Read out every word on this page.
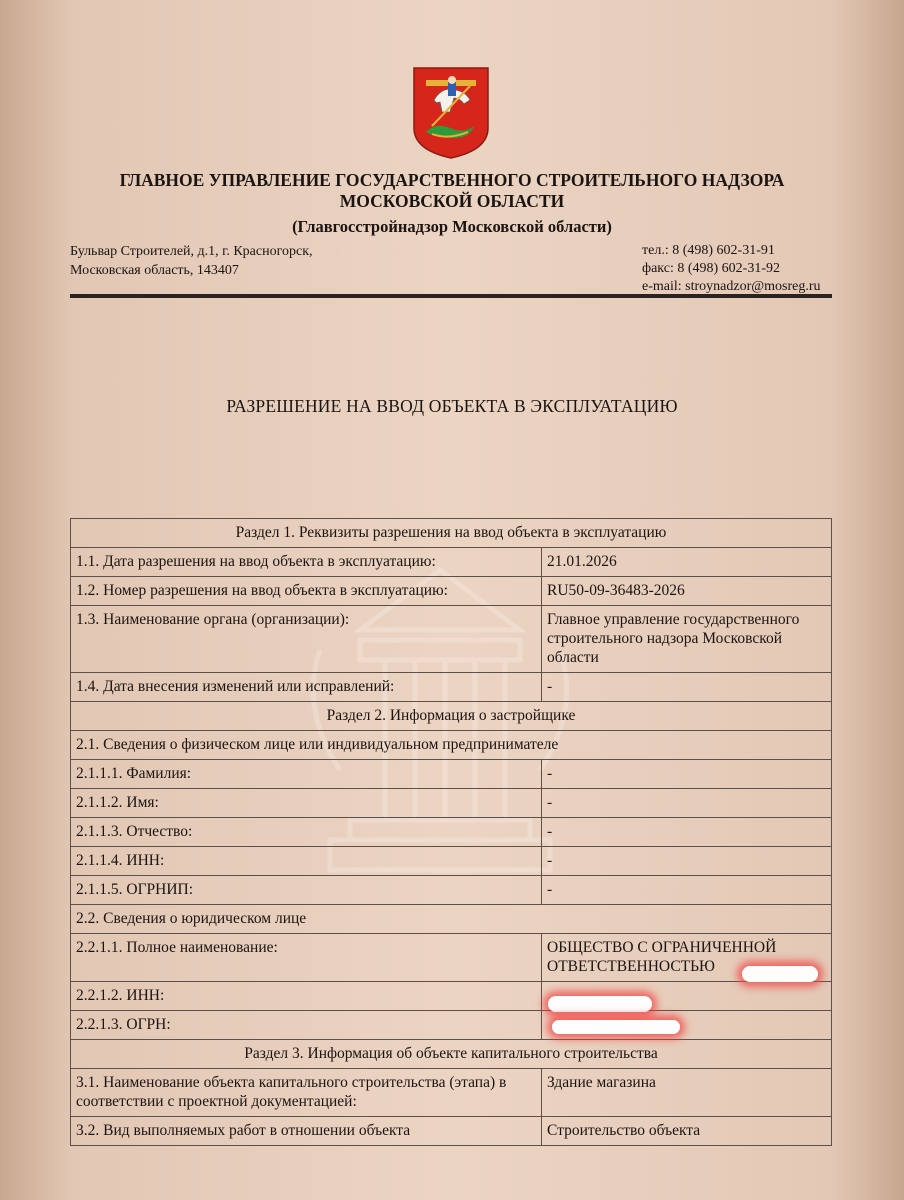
ГЛАВНОЕ УПРАВЛЕНИЕ ГОСУДАРСТВЕННОГО СТРОИТЕЛЬНОГО НАДЗОРА
МОСКОВСКОЙ ОБЛАСТИ
(Главгосстройнадзор Московской области)
Бульвар Строителей, д.1, г. Красногорск,
Московская область, 143407
тел.: 8 (498) 602-31-91
факс: 8 (498) 602-31-92
e-mail: stroynadzor@mosreg.ru
РАЗРЕШЕНИЕ НА ВВОД ОБЪЕКТА В ЭКСПЛУАТАЦИЮ
Раздел 1. Реквизиты разрешения на ввод объекта в эксплуатацию	
1.1. Дата разрешения на ввод объекта в эксплуатацию:	21.01.2026
1.2. Номер разрешения на ввод объекта в эксплуатацию:	RU50-09-36483-2026
1.3. Наименование органа (организации):	Главное управление государственного строительного надзора Московской области
1.4. Дата внесения изменений или исправлений:	-
Раздел 2. Информация о застройщике	
2.1. Сведения о физическом лице или индивидуальном предпринимателе	
2.1.1.1. Фамилия:	-
2.1.1.2. Имя:	-
2.1.1.3. Отчество:	-
2.1.1.4. ИНН:	-
2.1.1.5. ОГРНИП:	-
2.2. Сведения о юридическом лице	
2.2.1.1. Полное наименование:	ОБЩЕСТВО С ОГРАНИЧЕННОЙ ОТВЕТСТВЕННОСТЬЮ
2.2.1.2. ИНН:	
2.2.1.3. ОГРН:	
Раздел 3. Информация об объекте капитального строительства	
3.1. Наименование объекта капитального строительства (этапа) в соответствии с проектной документацией:	Здание магазина
3.2. Вид выполняемых работ в отношении объекта	Строительство объекта
